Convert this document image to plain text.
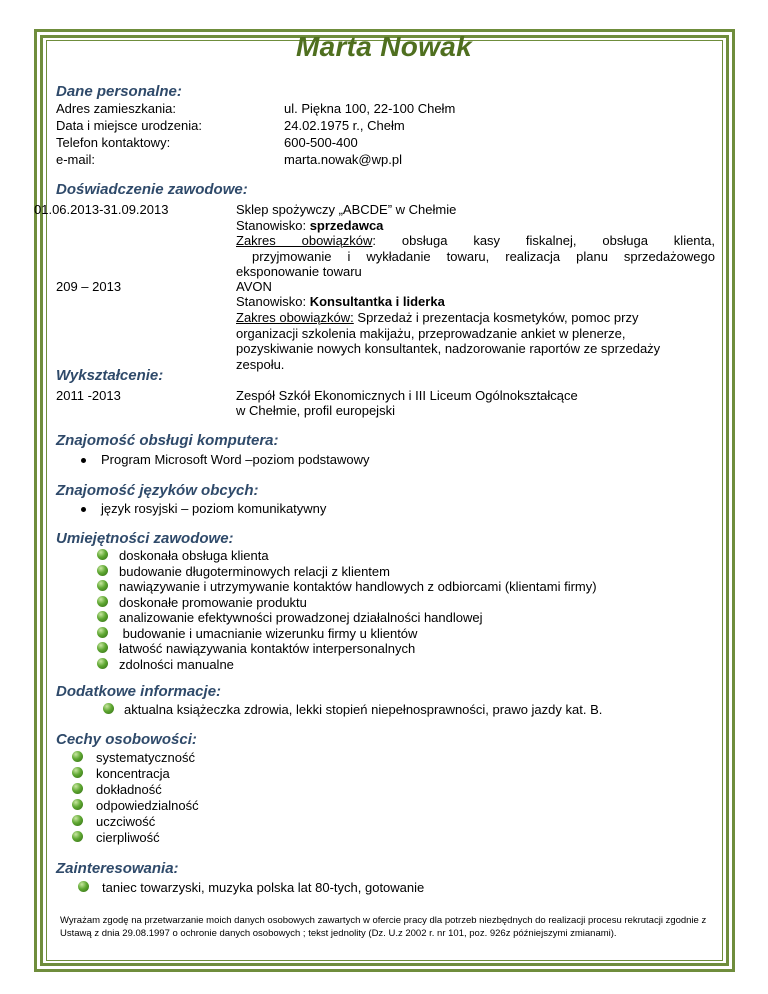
Marta Nowak
Dane personalne:
Adres zamieszkania:	ul. Piękna 100, 22-100 Chełm
Data i miejsce urodzenia:	24.02.1975 r., Chełm
Telefon kontaktowy:	600-500-400
e-mail:	marta.nowak@wp.pl
Doświadczenie zawodowe:
01.06.2013-31.09.2013	Sklep spożywczy „ABCDE” w Chełmie
Stanowisko: sprzedawca
Zakres obowiązków: obsługa kasy fiskalnej, obsługa klienta,
przyjmowanie i wykładanie towaru, realizacja planu sprzedażowego
eksponowanie towaru
209 – 2013	AVON
Stanowisko: Konsultantka i liderka
Zakres obowiązków: Sprzedaż i prezentacja kosmetyków, pomoc przy
organizacji szkolenia makijażu, przeprowadzanie ankiet w plenerze,
pozyskiwanie nowych konsultantek, nadzorowanie raportów ze sprzedaży
zespołu.
Wykształcenie:
2011 -2013	Zespół Szkół Ekonomicznych i III Liceum Ogólnokształcące
w Chełmie, profil europejski
Znajomość obsługi komputera:
Program Microsoft Word –poziom podstawowy
Znajomość języków obcych:
język rosyjski – poziom komunikatywny
Umiejętności zawodowe:
doskonała obsługa klienta
budowanie długoterminowych relacji z klientem
nawiązywanie i utrzymywanie kontaktów handlowych z odbiorcami (klientami firmy)
doskonałe promowanie produktu
analizowanie efektywności prowadzonej działalności handlowej
budowanie i umacnianie wizerunku firmy u klientów
łatwość nawiązywania kontaktów interpersonalnych
zdolności manualne
Dodatkowe informacje:
aktualna książeczka zdrowia, lekki stopień niepełnosprawności, prawo jazdy kat. B.
Cechy osobowości:
systematyczność
koncentracja
dokładność
odpowiedzialność
uczciwość
cierpliwość
Zainteresowania:
taniec towarzyski, muzyka polska lat 80-tych, gotowanie
Wyrażam zgodę na przetwarzanie moich danych osobowych zawartych w ofercie pracy dla potrzeb niezbędnych do realizacji procesu rekrutacji zgodnie z Ustawą z dnia 29.08.1997 o ochronie danych osobowych ; tekst jednolity (Dz. U.z 2002 r. nr 101, poz. 926z późniejszymi zmianami).
